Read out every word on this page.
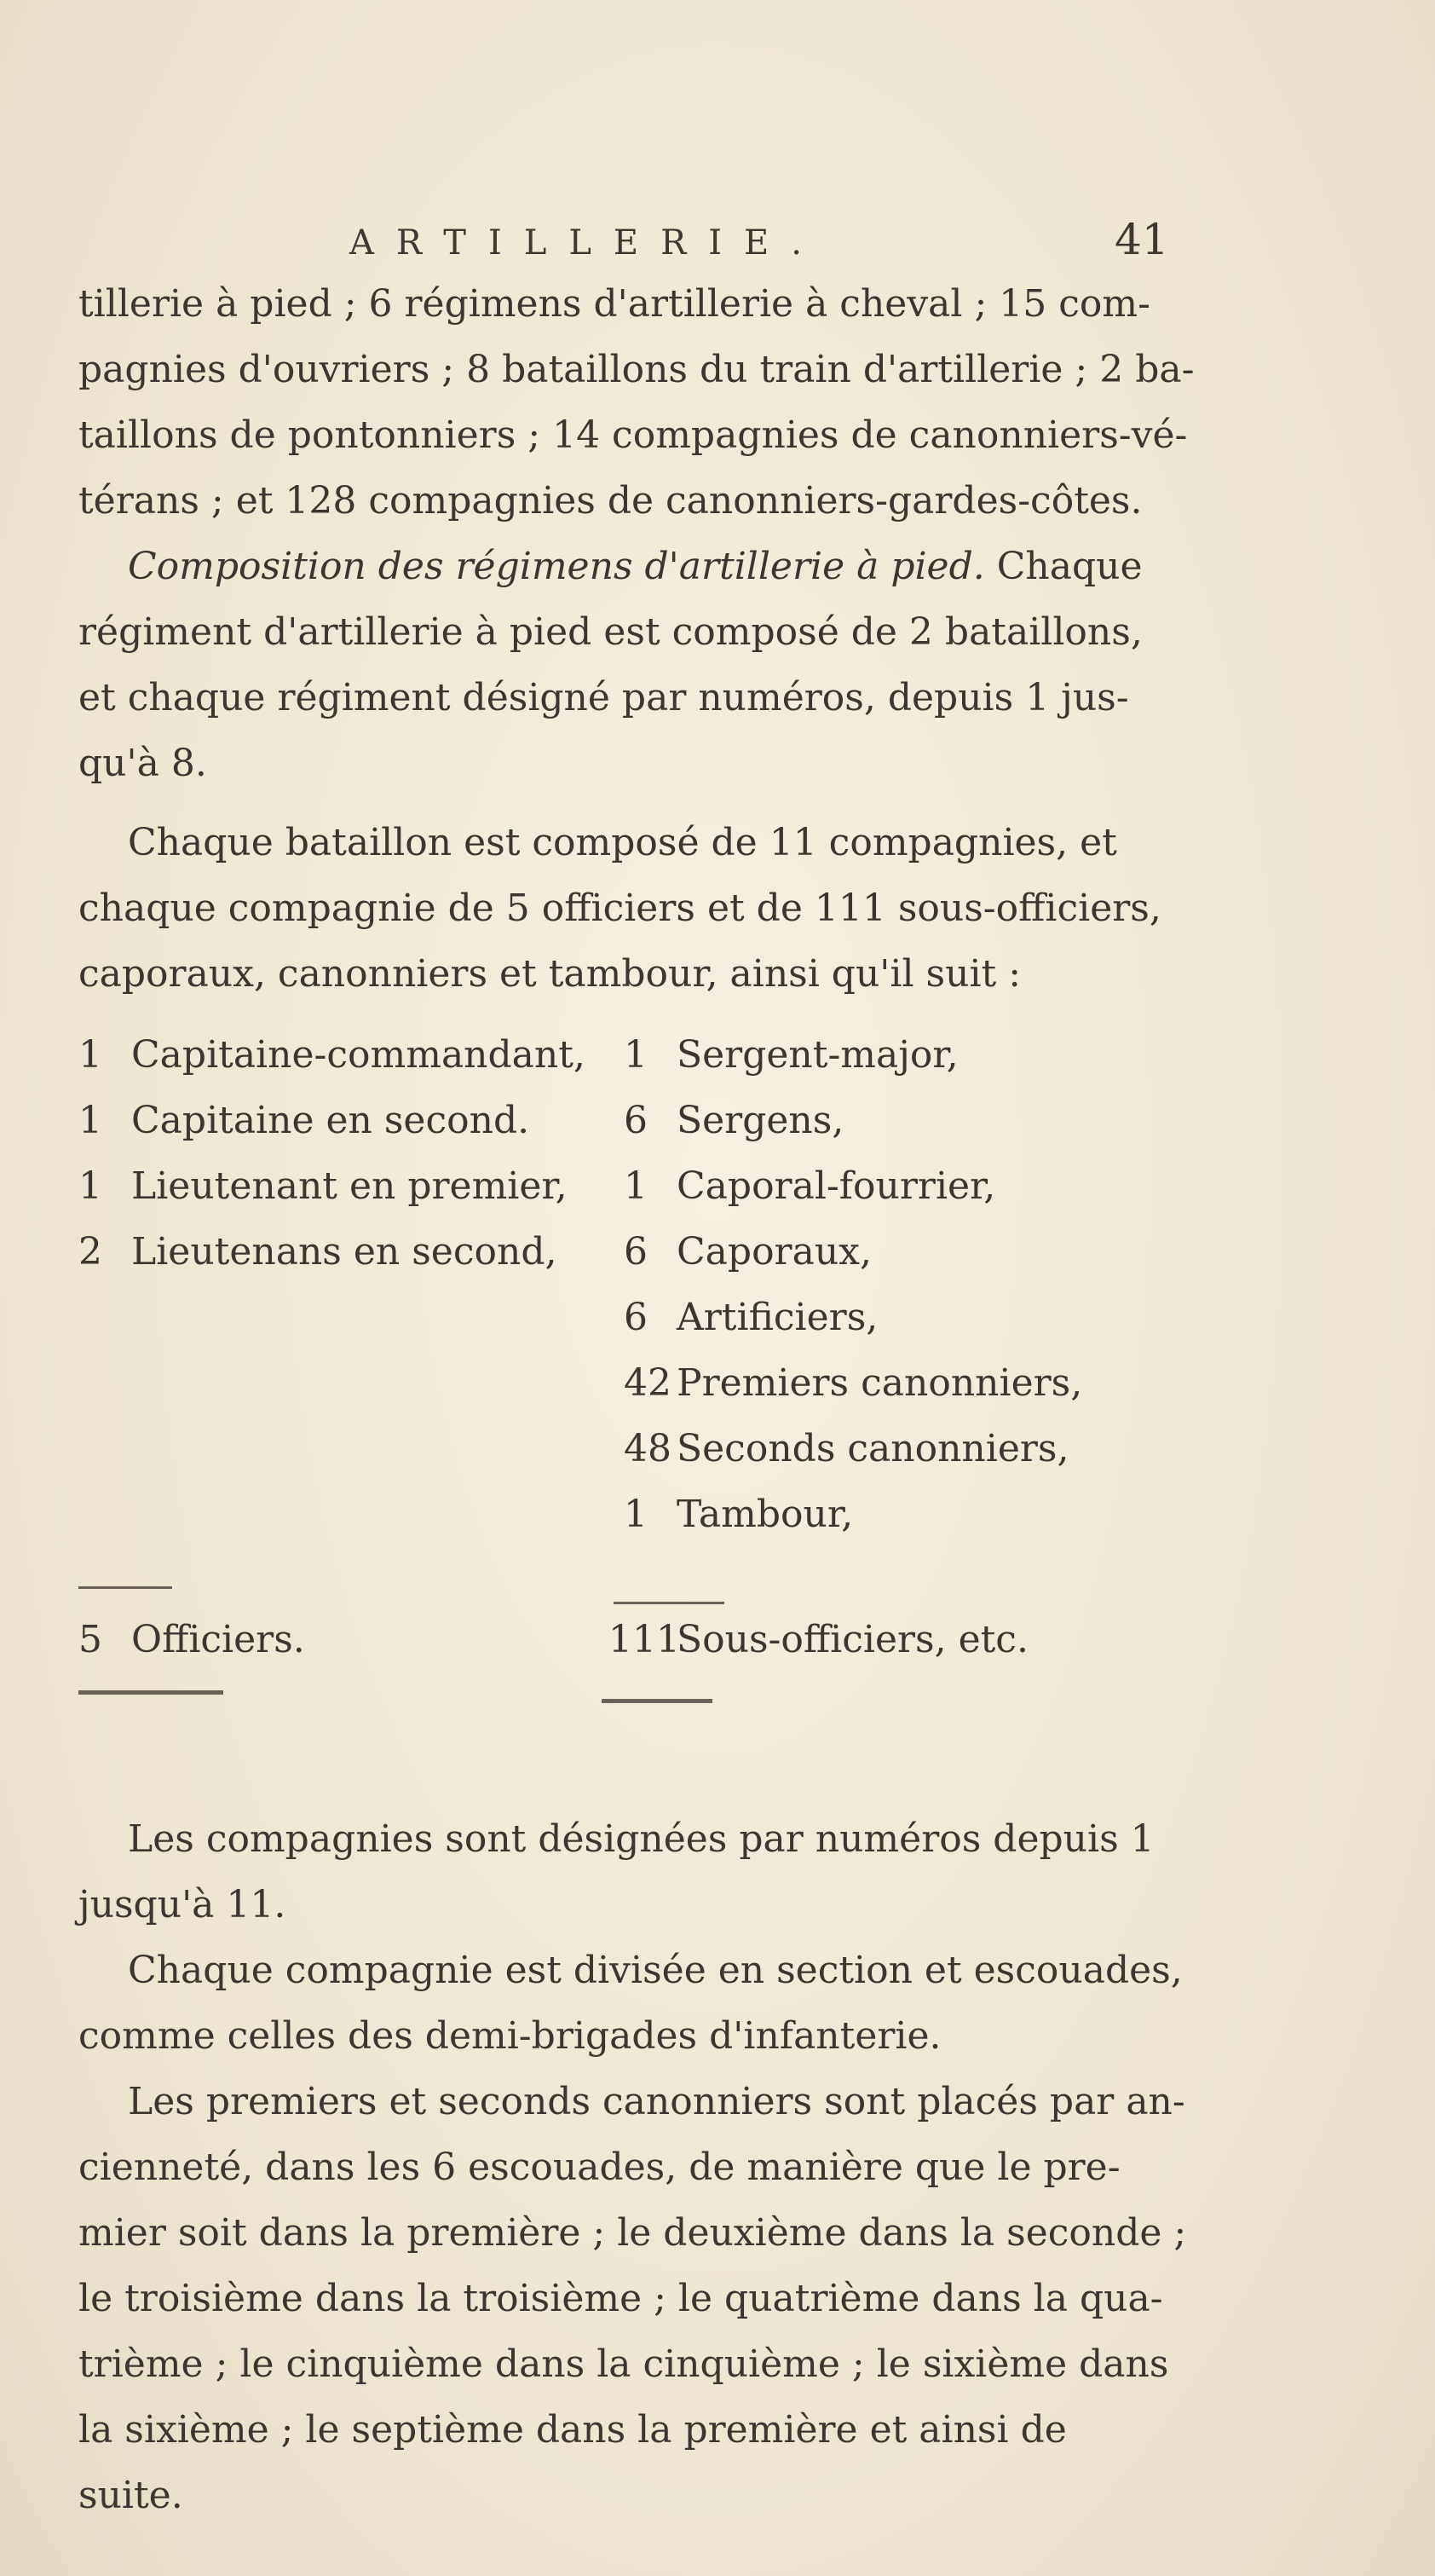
ARTILLERIE.	41
tillerie à pied ; 6 régimens d'artillerie à cheval ; 15 com-
pagnies d'ouvriers ; 8 bataillons du train d'artillerie ; 2 ba-
taillons de pontonniers ; 14 compagnies de canonniers-vé-
térans ; et 128 compagnies de canonniers-gardes-côtes.
Composition des régimens d'artillerie à pied. Chaque
régiment d'artillerie à pied est composé de 2 bataillons,
et chaque régiment désigné par numéros, depuis 1 jus-
qu'à 8.
Chaque bataillon est composé de 11 compagnies, et
chaque compagnie de 5 officiers et de 111 sous-officiers,
caporaux, canonniers et tambour, ainsi qu'il suit :
1 Capitaine-commandant,
1 Capitaine en second.
1 Lieutenant en premier,
2 Lieutenans en second,
1 Sergent-major,
6 Sergens,
1 Caporal-fourrier,
6 Caporaux,
6 Artificiers,
42 Premiers canonniers,
48 Seconds canonniers,
1 Tambour,
5 Officiers.	111Sous-officiers, etc.
Les compagnies sont désignées par numéros depuis 1
jusqu'à 11.
Chaque compagnie est divisée en section et escouades,
comme celles des demi-brigades d'infanterie.
Les premiers et seconds canonniers sont placés par an-
cienneté, dans les 6 escouades, de manière que le pre-
mier soit dans la première ; le deuxième dans la seconde ;
le troisième dans la troisième ; le quatrième dans la qua-
trième ; le cinquième dans la cinquième ; le sixième dans
la sixième ; le septième dans la première et ainsi de
suite.
